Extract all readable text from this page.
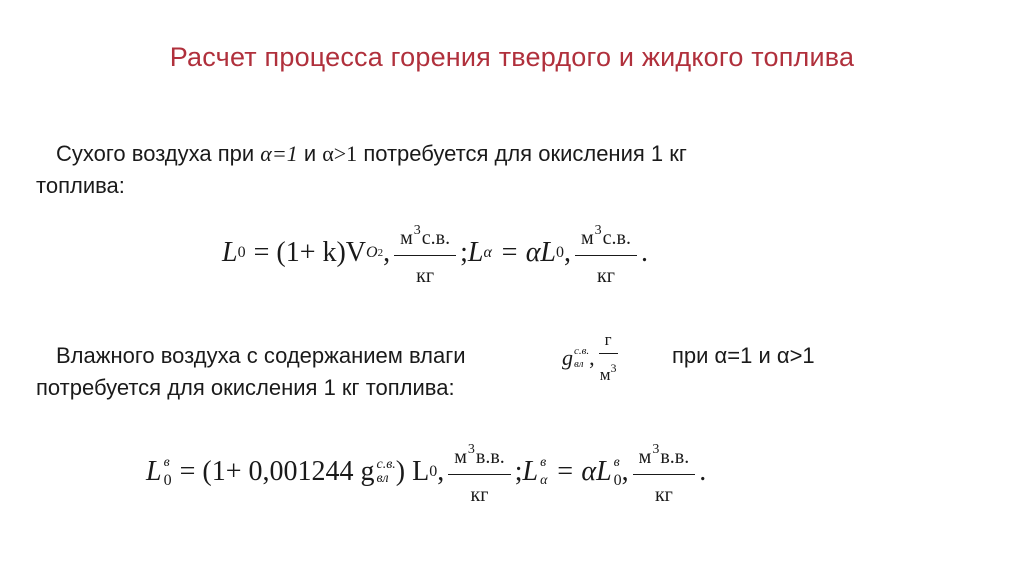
Расчет процесса горения твердого и жидкого топлива
Сухого воздуха при α=1 и α>1 потребуется для окисления 1 кг
топлива:
L 0 = (1+ k)V O 2 , $\frac{м^3с.в.}{кг}$ ; L α = αL 0 , $\frac{м^3с.в.}{кг}$ .
Влажного воздуха с содержанием влаги
потребуется для окисления 1 кг топлива:
g с.в.
вл , $\frac{г}{м^3}$ при α=1 и α>1
L в
0 = (1+ 0,001244 g с.в.
вл ) L 0 , $\frac{м^3в.в.}{кг}$ ; L в
α = αL в
0 , $\frac{м^3в.в.}{кг}$ .
